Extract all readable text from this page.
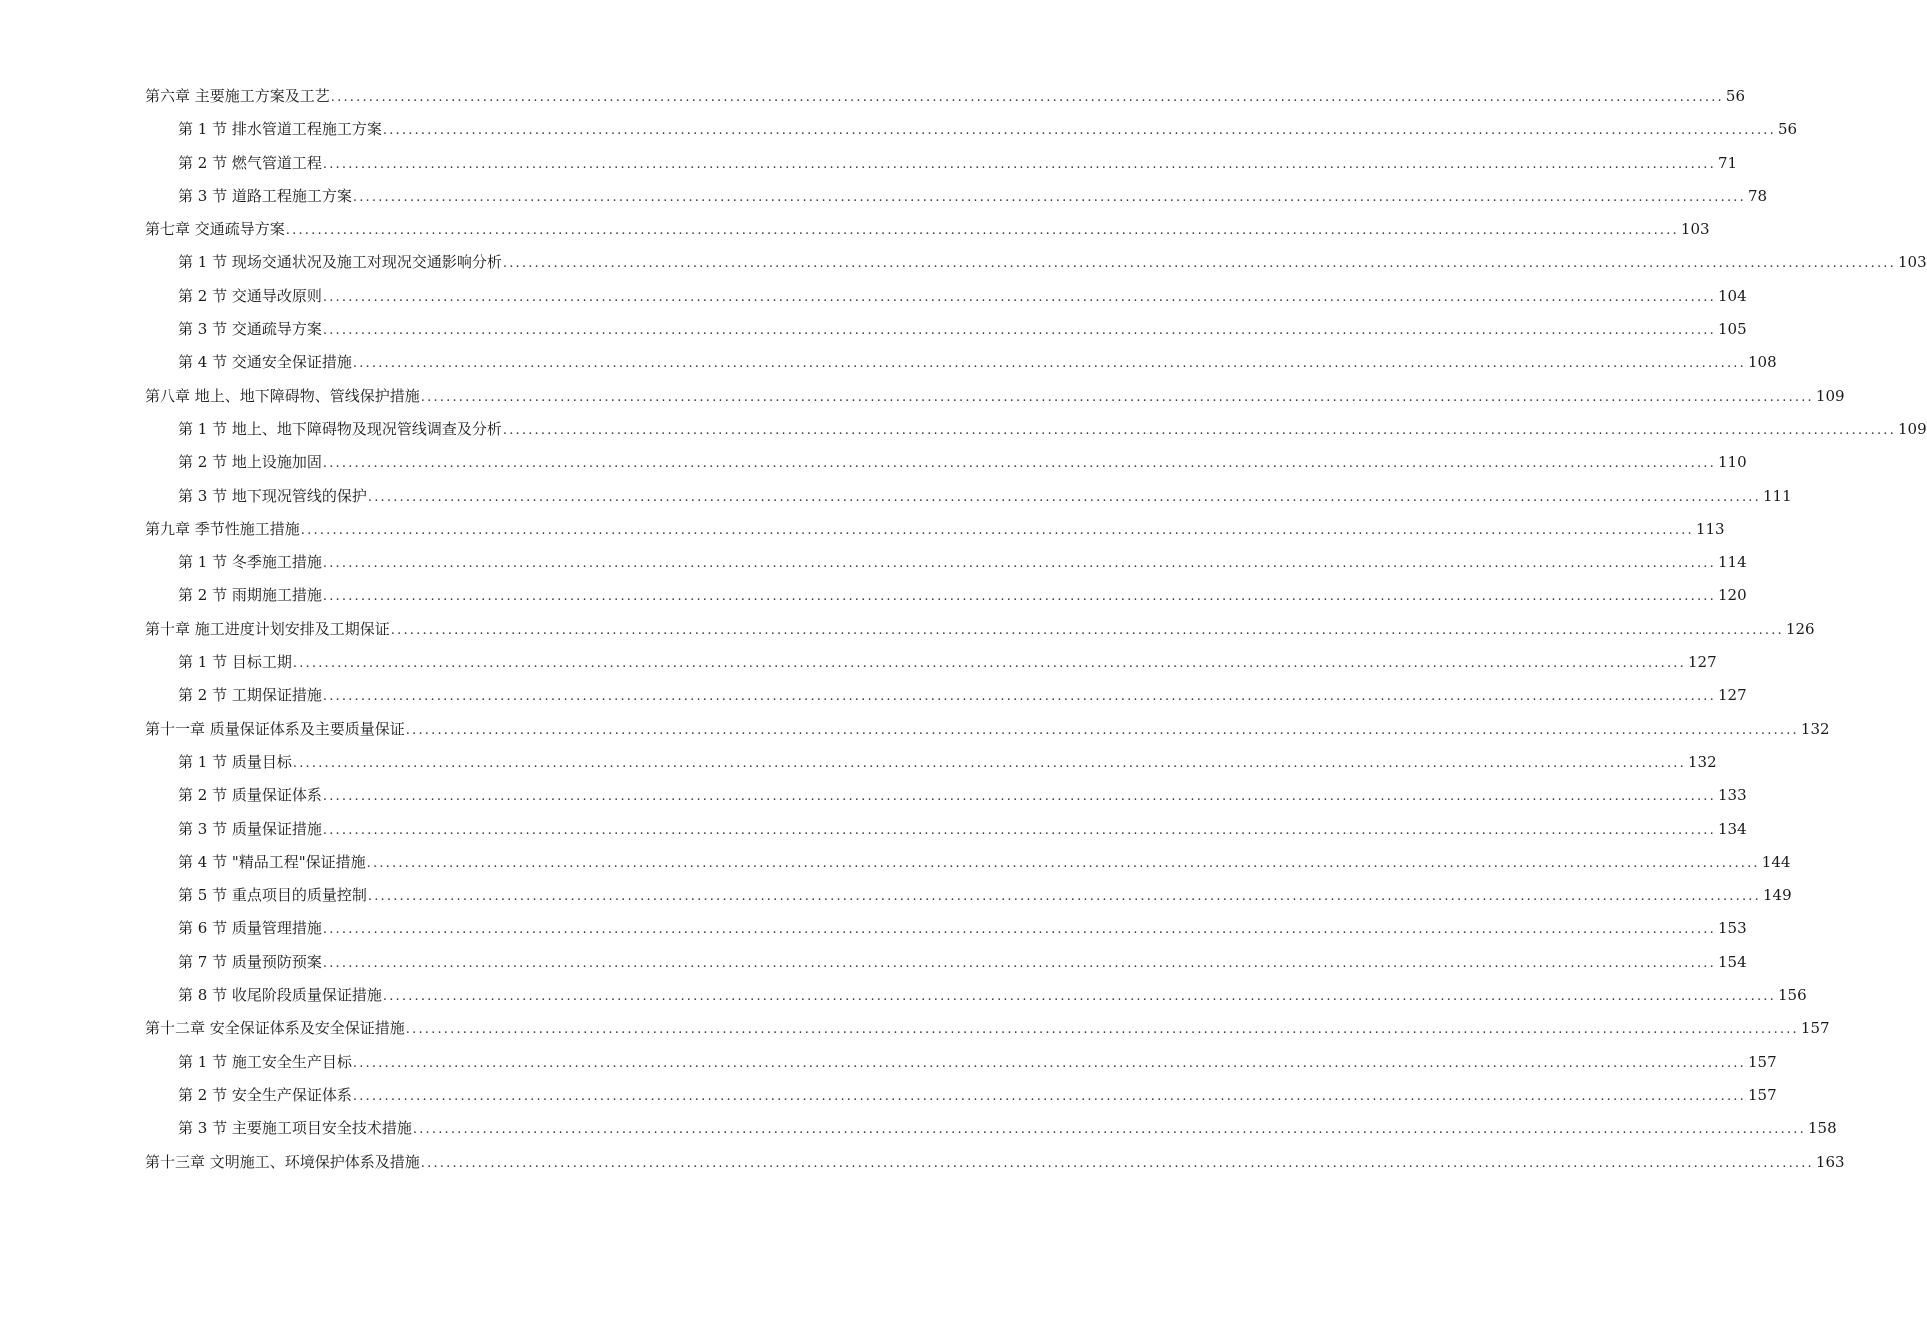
第六章 主要施工方案及工艺 ............................................................................................................................................................................................................................ 56
第 1 节 排水管道工程施工方案 ............................................................................................................................................................................................................................ 56
第 2 节 燃气管道工程 ............................................................................................................................................................................................................................ 71
第 3 节 道路工程施工方案 ............................................................................................................................................................................................................................ 78
第七章 交通疏导方案 ............................................................................................................................................................................................................................ 103
第 1 节 现场交通状况及施工对现况交通影响分析 ............................................................................................................................................................................................................................ 103
第 2 节 交通导改原则 ............................................................................................................................................................................................................................ 104
第 3 节 交通疏导方案 ............................................................................................................................................................................................................................ 105
第 4 节 交通安全保证措施 ............................................................................................................................................................................................................................ 108
第八章 地上、地下障碍物、管线保护措施 ............................................................................................................................................................................................................................ 109
第 1 节 地上、地下障碍物及现况管线调查及分析 ............................................................................................................................................................................................................................ 109
第 2 节 地上设施加固 ............................................................................................................................................................................................................................ 110
第 3 节 地下现况管线的保护 ............................................................................................................................................................................................................................ 111
第九章 季节性施工措施 ............................................................................................................................................................................................................................ 113
第 1 节 冬季施工措施 ............................................................................................................................................................................................................................ 114
第 2 节 雨期施工措施 ............................................................................................................................................................................................................................ 120
第十章 施工进度计划安排及工期保证 ............................................................................................................................................................................................................................ 126
第 1 节 目标工期 ............................................................................................................................................................................................................................ 127
第 2 节 工期保证措施 ............................................................................................................................................................................................................................ 127
第十一章 质量保证体系及主要质量保证 ............................................................................................................................................................................................................................ 132
第 1 节 质量目标 ............................................................................................................................................................................................................................ 132
第 2 节 质量保证体系 ............................................................................................................................................................................................................................ 133
第 3 节 质量保证措施 ............................................................................................................................................................................................................................ 134
第 4 节 "精品工程"保证措施 ............................................................................................................................................................................................................................ 144
第 5 节 重点项目的质量控制 ............................................................................................................................................................................................................................ 149
第 6 节 质量管理措施 ............................................................................................................................................................................................................................ 153
第 7 节 质量预防预案 ............................................................................................................................................................................................................................ 154
第 8 节 收尾阶段质量保证措施 ............................................................................................................................................................................................................................ 156
第十二章 安全保证体系及安全保证措施 ............................................................................................................................................................................................................................ 157
第 1 节 施工安全生产目标 ............................................................................................................................................................................................................................ 157
第 2 节 安全生产保证体系 ............................................................................................................................................................................................................................ 157
第 3 节 主要施工项目安全技术措施 ............................................................................................................................................................................................................................ 158
第十三章 文明施工、环境保护体系及措施 ............................................................................................................................................................................................................................ 163
